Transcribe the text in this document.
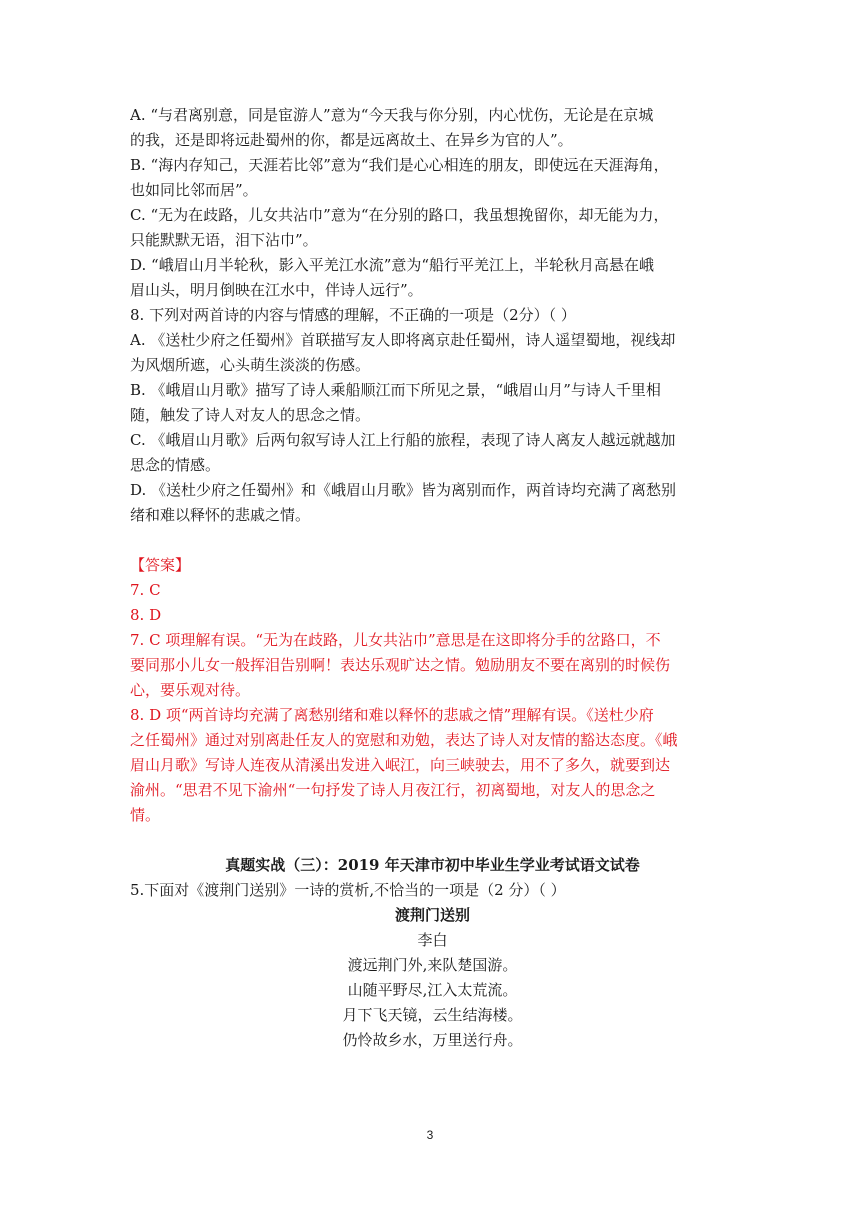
A. “与君离别意，同是宦游人”意为“今天我与你分别，内心忧伤，无论是在京城
的我，还是即将远赴蜀州的你，都是远离故土、在异乡为官的人”。
B. “海内存知己，天涯若比邻”意为“我们是心心相连的朋友，即使远在天涯海角，
也如同比邻而居”。
C. “无为在歧路，儿女共沾巾”意为“在分别的路口，我虽想挽留你，却无能为力，
只能默默无语，泪下沾巾”。
D. “峨眉山月半轮秋，影入平羌江水流”意为“船行平羌江上，半轮秋月高悬在峨
眉山头，明月倒映在江水中，伴诗人远行”。
8. 下列对两首诗的内容与情感的理解，不正确的一项是（2分）（ ）
A. 《送杜少府之任蜀州》首联描写友人即将离京赴任蜀州，诗人遥望蜀地，视线却
为风烟所遮，心头萌生淡淡的伤感。
B. 《峨眉山月歌》描写了诗人乘船顺江而下所见之景，“峨眉山月”与诗人千里相
随，触发了诗人对友人的思念之情。
C. 《峨眉山月歌》后两句叙写诗人江上行船的旅程，表现了诗人离友人越远就越加
思念的情感。
D. 《送杜少府之任蜀州》和《峨眉山月歌》皆为离别而作，两首诗均充满了离愁别
绪和难以释怀的悲戚之情。
【答案】
7. C
8. D
7. C 项理解有误。“无为在歧路，儿女共沾巾”意思是在这即将分手的岔路口，不
要同那小儿女一般挥泪告别啊！表达乐观旷达之情。勉励朋友不要在离别的时候伤
心，要乐观对待。
8. D 项“两首诗均充满了离愁别绪和难以释怀的悲戚之情”理解有误。《送杜少府
之任蜀州》通过对别离赴任友人的宽慰和劝勉，表达了诗人对友情的豁达态度。《峨
眉山月歌》写诗人连夜从清溪出发进入岷江，向三峡驶去，用不了多久，就要到达
渝州。“思君不见下渝州“一句抒发了诗人月夜江行，初离蜀地，对友人的思念之
情。
真题实战（三）：2019 年天津市初中毕业生学业考试语文试卷
5.下面对《渡荆门送别》一诗的赏析,不恰当的一项是（2 分）（ ）
渡荆门送别
李白
渡远荆门外,来队楚国游。
山随平野尽,江入太荒流。
月下飞天镜，云生结海楼。
仍怜故乡水，万里送行舟。
3
